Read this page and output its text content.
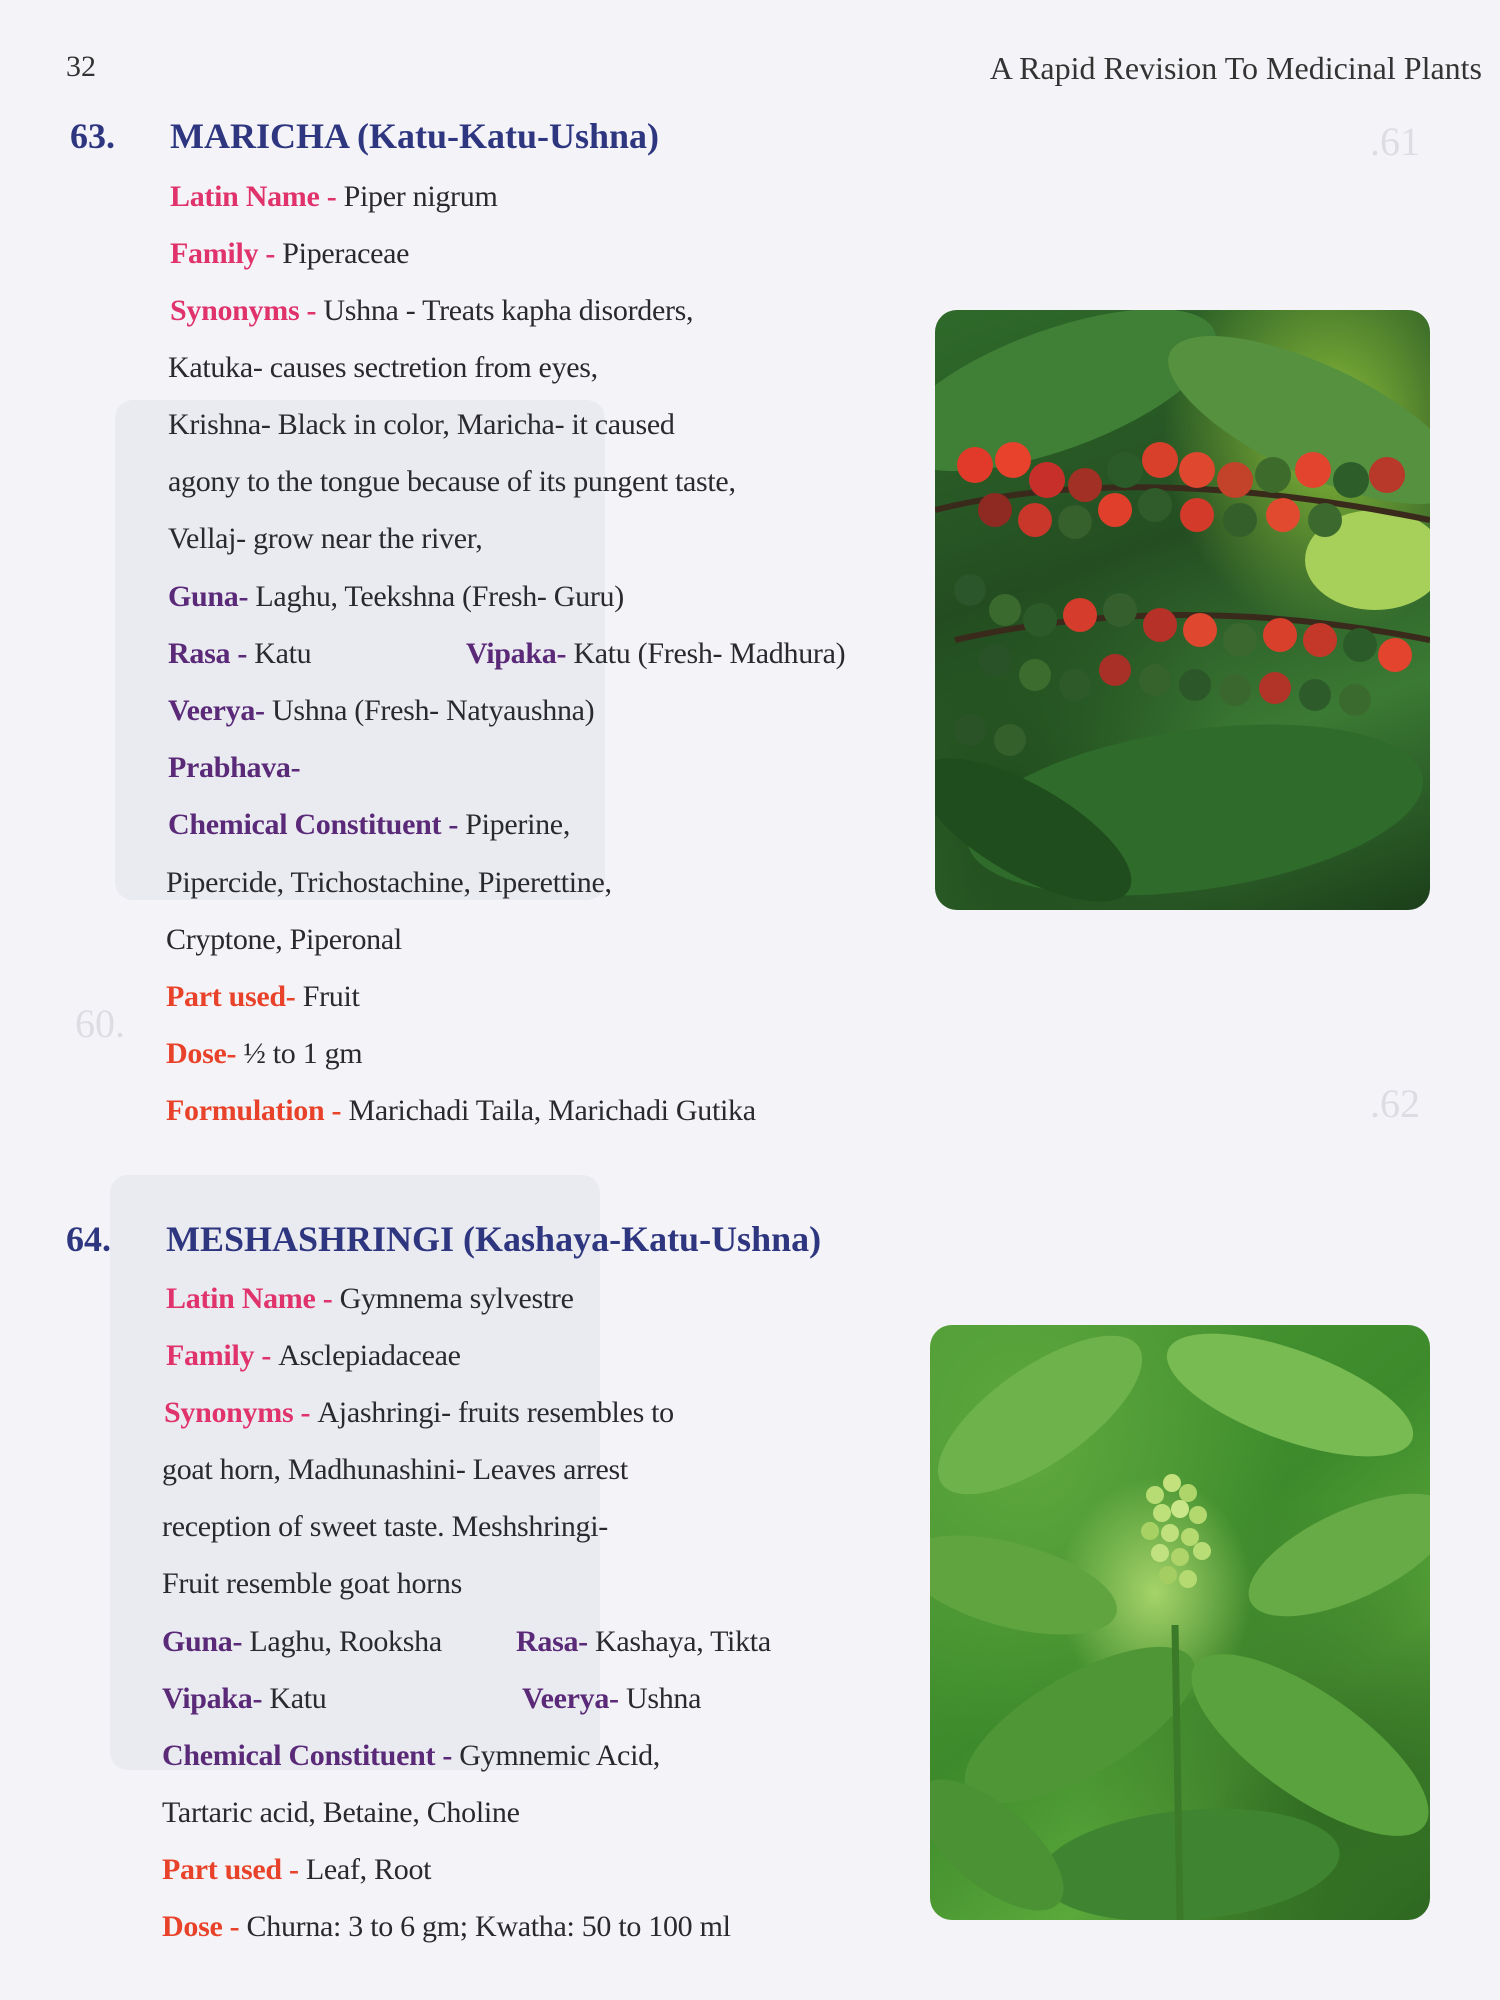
.61
.62
60.
32	A Rapid Revision To Medicinal Plants
63. MARICHA (Katu-Katu-Ushna)
Latin Name - Piper nigrum
Family - Piperaceae
Synonyms - Ushna - Treats kapha disorders,
Katuka- causes sectretion from eyes,
Krishna- Black in color, Maricha- it caused
agony to the tongue because of its pungent taste,
Vellaj- grow near the river,
Guna- Laghu, Teekshna (Fresh- Guru)
Rasa - Katu	Vipaka- Katu (Fresh- Madhura)
Veerya- Ushna (Fresh- Natyaushna)
Prabhava-
Chemical Constituent - Piperine,
Pipercide, Trichostachine, Piperettine,
Cryptone, Piperonal
Part used- Fruit
Dose- ½ to 1 gm
Formulation - Marichadi Taila, Marichadi Gutika
64. MESHASHRINGI (Kashaya-Katu-Ushna)
Latin Name - Gymnema sylvestre
Family - Asclepiadaceae
Synonyms - Ajashringi- fruits resembles to
goat horn, Madhunashini- Leaves arrest
reception of sweet taste. Meshshringi-
Fruit resemble goat horns
Guna- Laghu, Rooksha Rasa- Kashaya, Tikta
Vipaka- Katu	Veerya- Ushna
Chemical Constituent - Gymnemic Acid,
Tartaric acid, Betaine, Choline
Part used - Leaf, Root
Dose - Churna: 3 to 6 gm; Kwatha: 50 to 100 ml
